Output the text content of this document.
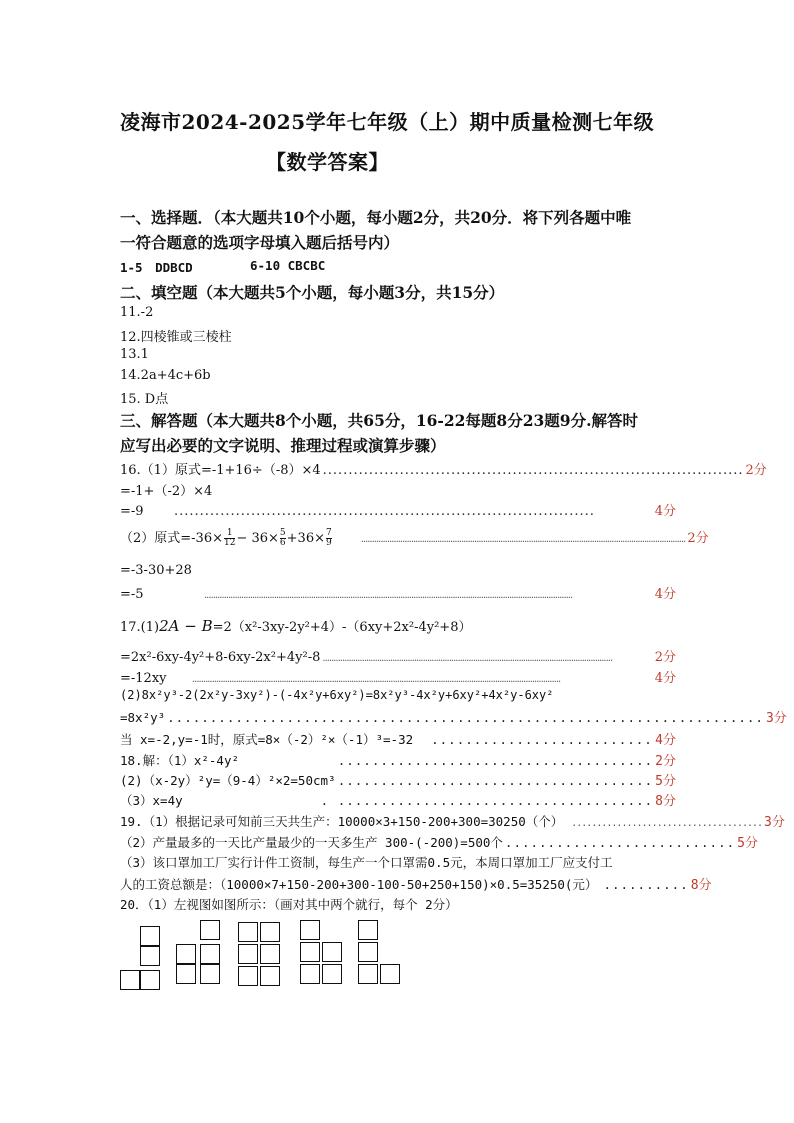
凌海市2024-2025学年七年级（上）期中质量检测七年级
【数学答案】
一、选择题．（本大题共10个小题，每小题2分，共20分．将下列各题中唯
一符合题意的选项字母填入题后括号内）
1-5　DDBCD	6-10 CBCBC
二、填空题（本大题共5个小题，每小题3分，共15分）
11.-2
12.四棱锥或三棱柱
13.1
14.2a+4c+6b
15. D点
三、解答题（本大题共8个小题，共65分，16-22每题8分23题9分.解答时
应写出必要的文字说明、推理过程或演算步骤）
16.（1）原式=-1+16÷（-8）×4 .................................................................................. 2分
=-1+（-2）×4
=-9	..................................................................................	4分
（2）原式$=-36\times \frac{1}{12} - 36\times \frac{5}{6} +36\times \frac{7}{9}$	..................................................................................................................................................... 2分
=-3-30+28
=-5	.........................................................................................................................................................................	4分
17.(1)2A − B=2（x²-3xy-2y²+4）-（6xy+2x²-4y²+8）
=2x²-6xy-4y²+8-6xy-2x²+4y²-8 .....................................................................................................................................	2分
=-12xy	.........................................................................................................................................................................	4分
(2)8x²y³-2(2x²y-3xy²)-(-4x²y+6xy²)=8x²y³-4x²y+6xy²+4x²y-6xy²
=8x²y³ ...................................................................... 3分
当 x=-2,y=-1时，原式=8×（-2）²×（-1）³=-32 .......................... 4分
18.解：（1）x²-4y²	..................................... 2分
(2)（x-2y）²y=（9-4）²×2=50cm³ ..................................... 5分
（3）x=4y	. ..................................... 8分
19.（1）根据记录可知前三天共生产：10000×3+150-200+300=30250（个） ...................................... 3分
（2）产量最多的一天比产量最少的一天多生产 300-(-200)=500个 ........................... 5分
（3）该口罩加工厂实行计件工资制，每生产一个口罩需0.5元，本周口罩加工厂应支付工
人的工资总额是：（10000×7+150-200+300-100-50+250+150)×0.5=35250(元） .......... 8分
20．（1）左视图如图所示：（画对其中两个就行，每个 2分）
